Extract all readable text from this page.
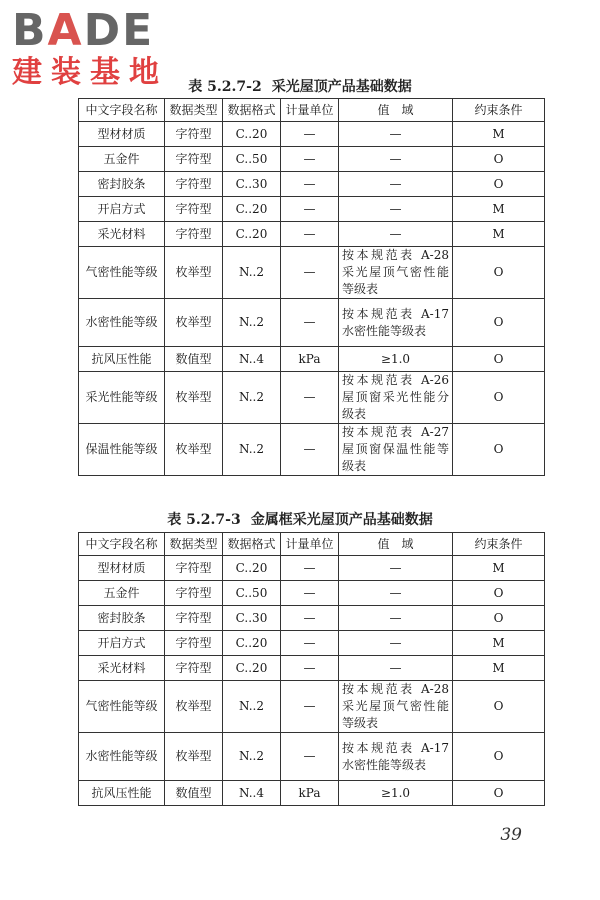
BADE
建装基地	表 5.2.7-2 采光屋顶产品基础数据
中文字段名称	数据类型	数据格式	计量单位	值　域	约束条件
型材材质	字符型	C..20	—	—	M
五金件	字符型	C..50	—	—	O
密封胶条	字符型	C..30	—	—	O
开启方式	字符型	C..20	—	—	M
采光材料	字符型	C..20	—	—	M
气密性能等级	枚举型	N..2	—	按本规范表 A-28 采光屋顶气密性能等级表	O
水密性能等级	枚举型	N..2	—	按本规范表 A-17 水密性能等级表	O
抗风压性能	数值型	N..4	kPa	≥1.0	O
采光性能等级	枚举型	N..2	—	按本规范表 A-26 屋顶窗采光性能分级表	O
保温性能等级	枚举型	N..2	—	按本规范表 A-27 屋顶窗保温性能等级表	O
表 5.2.7-3 金属框采光屋顶产品基础数据
中文字段名称	数据类型	数据格式	计量单位	值　域	约束条件
型材材质	字符型	C..20	—	—	M
五金件	字符型	C..50	—	—	O
密封胶条	字符型	C..30	—	—	O
开启方式	字符型	C..20	—	—	M
采光材料	字符型	C..20	—	—	M
气密性能等级	枚举型	N..2	—	按本规范表 A-28 采光屋顶气密性能等级表	O
水密性能等级	枚举型	N..2	—	按本规范表 A-17 水密性能等级表	O
抗风压性能	数值型	N..4	kPa	≥1.0	O
39
